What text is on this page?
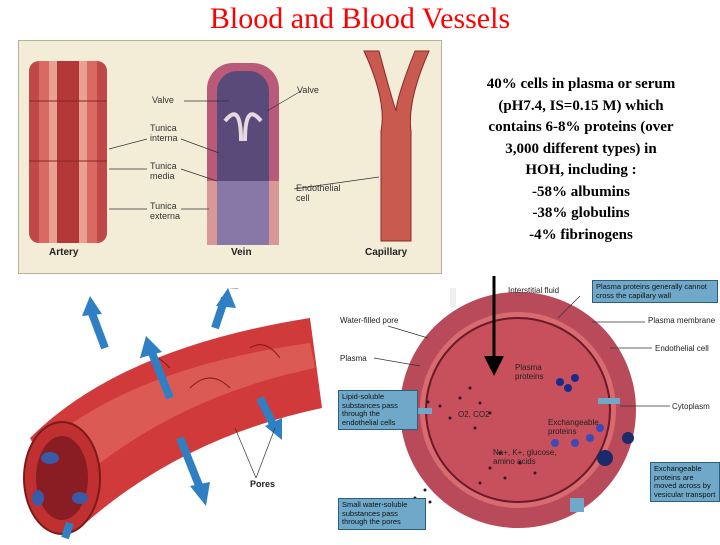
Blood and Blood Vessels
Valve
Valve
Tunica interna
Tunica media
Tunica externa
Endothelial cell
Artery	Vein	Capillary
40% cells in plasma or serum
(pH7.4, IS=0.15 M) which
contains 6-8% proteins (over
3,000 different types) in
HOH, including :
-58% albumins
-38% globulins
-4% fibrinogens
Pores
Interstitial fluid
Water-filled pore	Plasma membrane
Plasma
Endothelial cell
Plasma proteins
Cytoplasm
O2, CO2
Exchangeable proteins
Na+, K+, glucose, amino acids
Plasma proteins generally cannot cross the capillary wall
Lipid-soluble substances pass through the endothelial cells
Exchangeable proteins are moved across by vesicular transport
Small water-soluble substances pass through the pores
